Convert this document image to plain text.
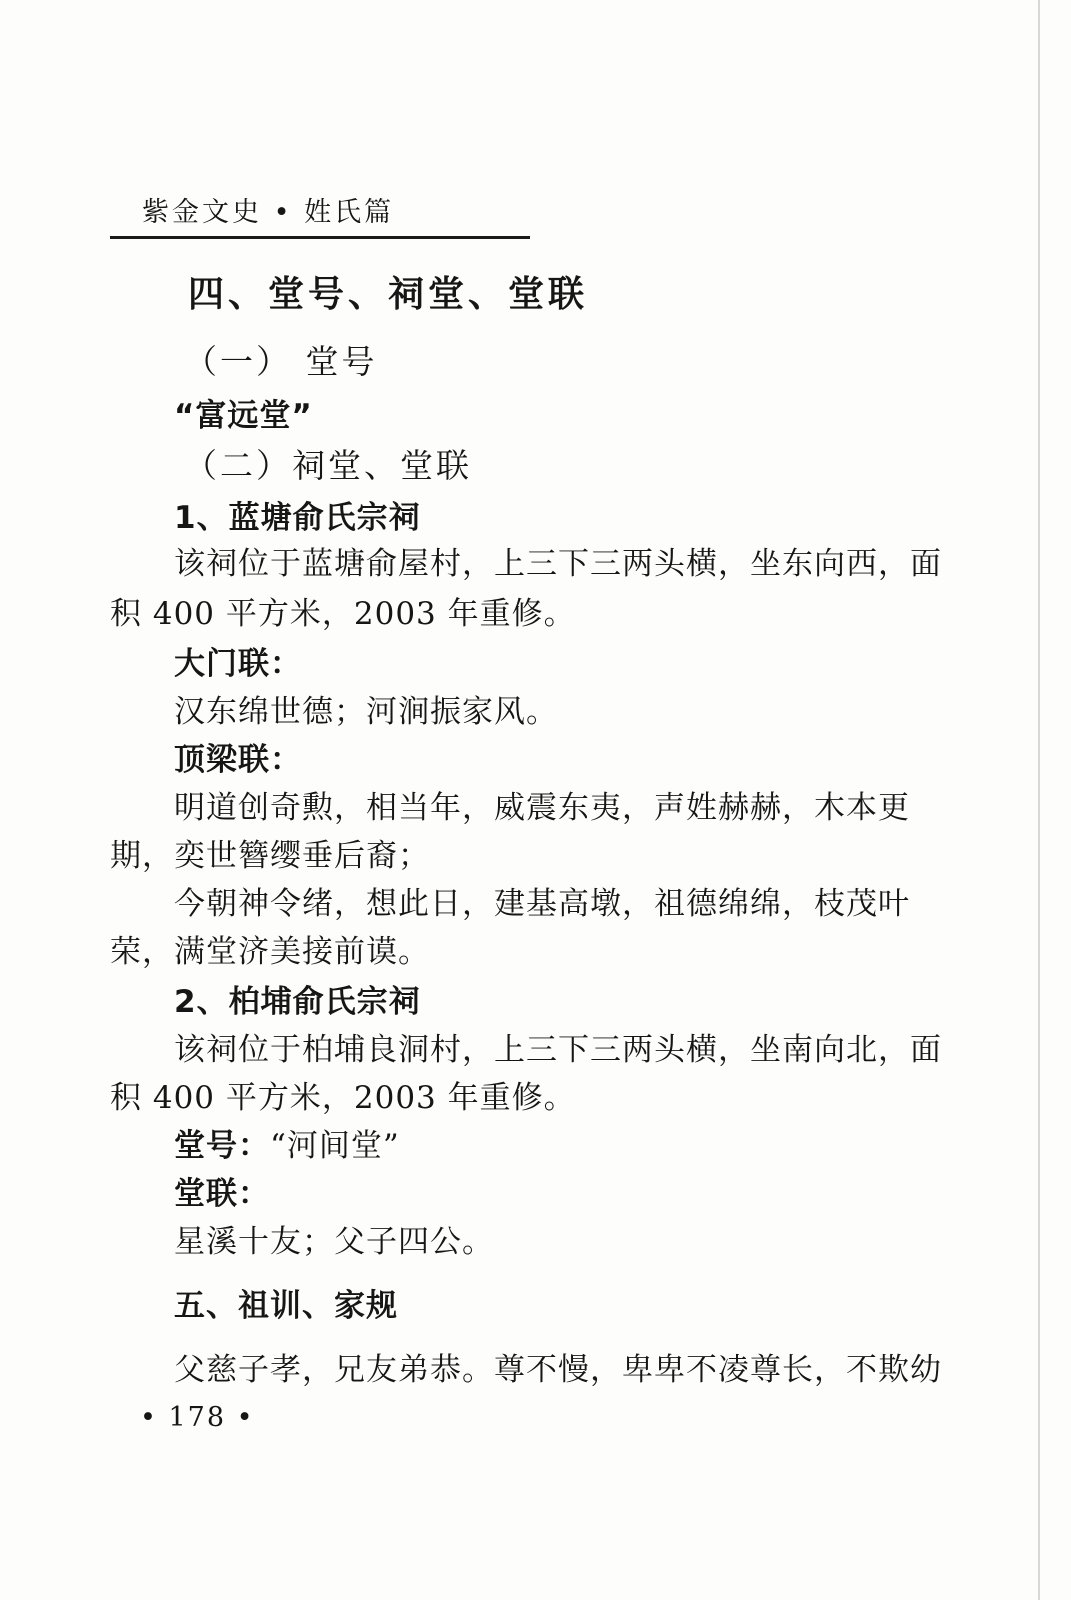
紫金文史 • 姓氏篇
四、堂号、祠堂、堂联
（一） 堂号
“富远堂”
（二）祠堂、堂联
1、蓝塘俞氏宗祠
该祠位于蓝塘俞屋村，上三下三两头横，坐东向西，面
积 400 平方米，2003 年重修。
大门联：
汉东绵世德；河涧振家风。
顶梁联：
明道创奇勲，相当年，威震东夷，声姓赫赫，木本更
期，奕世簪缨垂后裔；
今朝神令绪，想此日，建基高墩，祖德绵绵，枝茂叶
荣，满堂济美接前谟。
2、柏埔俞氏宗祠
该祠位于柏埔良洞村，上三下三两头横，坐南向北，面
积 400 平方米，2003 年重修。
堂号：“河间堂”
堂联：
星溪十友；父子四公。
五、祖训、家规
父慈子孝，兄友弟恭。尊不慢，卑卑不凌尊长，不欺幼
• 178 •
